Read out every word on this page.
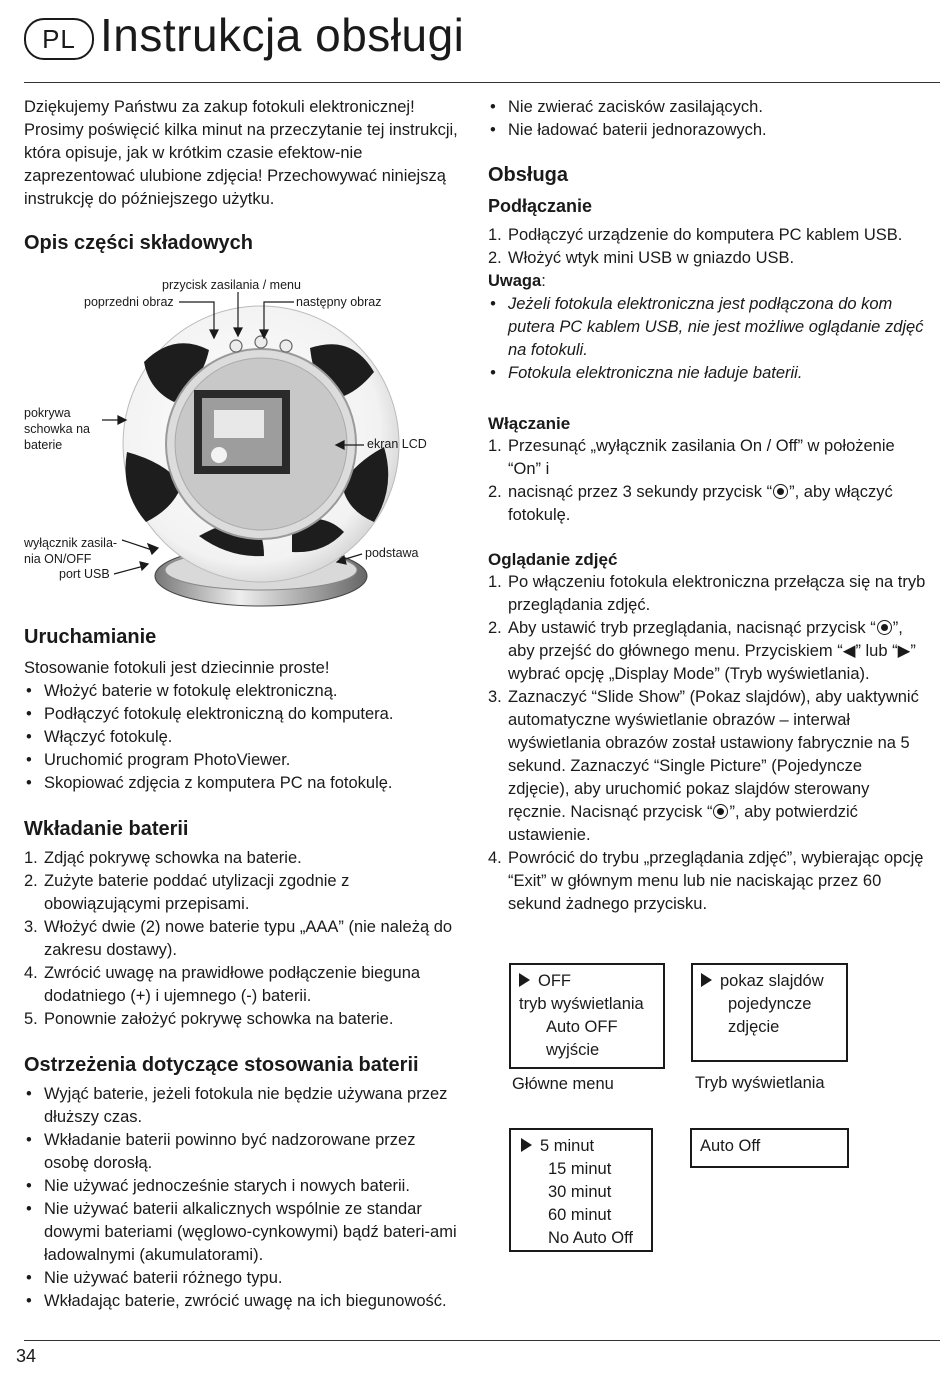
PL Instrukcja obsługi

Dziękujemy Państwu za zakup fotokuli elektronicznej! Prosimy poświęcić kilka minut na przeczytanie tej instrukcji, która opisuje, jak w krótkim czasie efektow-nie zaprezentować ulubione zdjęcia! Przechowywać niniejszą instrukcję do późniejszego użytku.

Opis części składowych

przycisk zasilania / menu
poprzedni obraz	następny obraz
pokrywa
schowka na
baterie	ekran LCD
wyłącznik zasila-
nia ON/OFF
port USB
podstawa

Uruchamianie

Stosowanie fotokuli jest dziecinnie proste!

• Włożyć baterie w fotokulę elektroniczną.
• Podłączyć fotokulę elektroniczną do komputera.
• Włączyć fotokulę.
• Uruchomić program PhotoViewer.
• Skopiować zdjęcia z komputera PC na fotokulę.

Wkładanie baterii

1. Zdjąć pokrywę schowka na baterie.
2. Zużyte baterie poddać utylizacji zgodnie z obowiązującymi przepisami.
3. Włożyć dwie (2) nowe baterie typu „AAA” (nie należą do zakresu dostawy).
4. Zwrócić uwagę na prawidłowe podłączenie bieguna dodatniego (+) i ujemnego (-) baterii.
5. Ponownie założyć pokrywę schowka na baterie.

Ostrzeżenia dotyczące stosowania baterii

• Wyjąć baterie, jeżeli fotokula nie będzie używana przez dłuższy czas.
• Wkładanie baterii powinno być nadzorowane przez osobę dorosłą.
• Nie używać jednocześnie starych i nowych baterii.
• Nie używać baterii alkalicznych wspólnie ze standar dowymi bateriami (węglowo-cynkowymi) bądź bateri-ami ładowalnymi (akumulatorami).
• Nie używać baterii różnego typu.
• Wkładając baterie, zwrócić uwagę na ich biegunowość.
• Nie zwierać zacisków zasilających.
• Nie ładować baterii jednorazowych.

Obsługa

Podłączanie

1. Podłączyć urządzenie do komputera PC kablem USB.
2. Włożyć wtyk mini USB w gniazdo USB.

Uwaga:

• Jeżeli fotokula elektroniczna jest podłączona do kom putera PC kablem USB, nie jest możliwe oglądanie zdjęć na fotokuli.
• Fotokula elektroniczna nie ładuje baterii.

Włączanie

1. Przesunąć „wyłącznik zasilania On / Off” w położenie “On” i
2. nacisnąć przez 3 sekundy przycisk “ ”, aby włączyć fotokulę.

Oglądanie zdjęć

1. Po włączeniu fotokula elektroniczna przełącza się na tryb przeglądania zdjęć.
2. Aby ustawić tryb przeglądania, nacisnąć przycisk “ ”, aby przejść do głównego menu. Przyciskiem “◀” lub “▶” wybrać opcję „Display Mode” (Tryb wyświetlania).
3. Zaznaczyć “Slide Show” (Pokaz slajdów), aby uaktywnić automatyczne wyświetlanie obrazów – interwał wyświetlania obrazów został ustawiony fabrycznie na 5 sekund. Zaznaczyć “Single Picture” (Pojedyncze zdjęcie), aby uruchomić pokaz slajdów sterowany ręcznie. Nacisnąć przycisk “ ”, aby potwierdzić ustawienie.
4. Powrócić do trybu „przeglądania zdjęć”, wybierając opcję “Exit” w głównym menu lub nie naciskając przez 60 sekund żadnego przycisku.
OFF
tryb wyświetlania
Auto OFF
wyjście
Główne menu
pokaz slajdów
pojedyncze
zdjęcie
Tryb wyświetlania
5 minut
15 minut
30 minut
60 minut
No Auto Off
Auto Off
34
